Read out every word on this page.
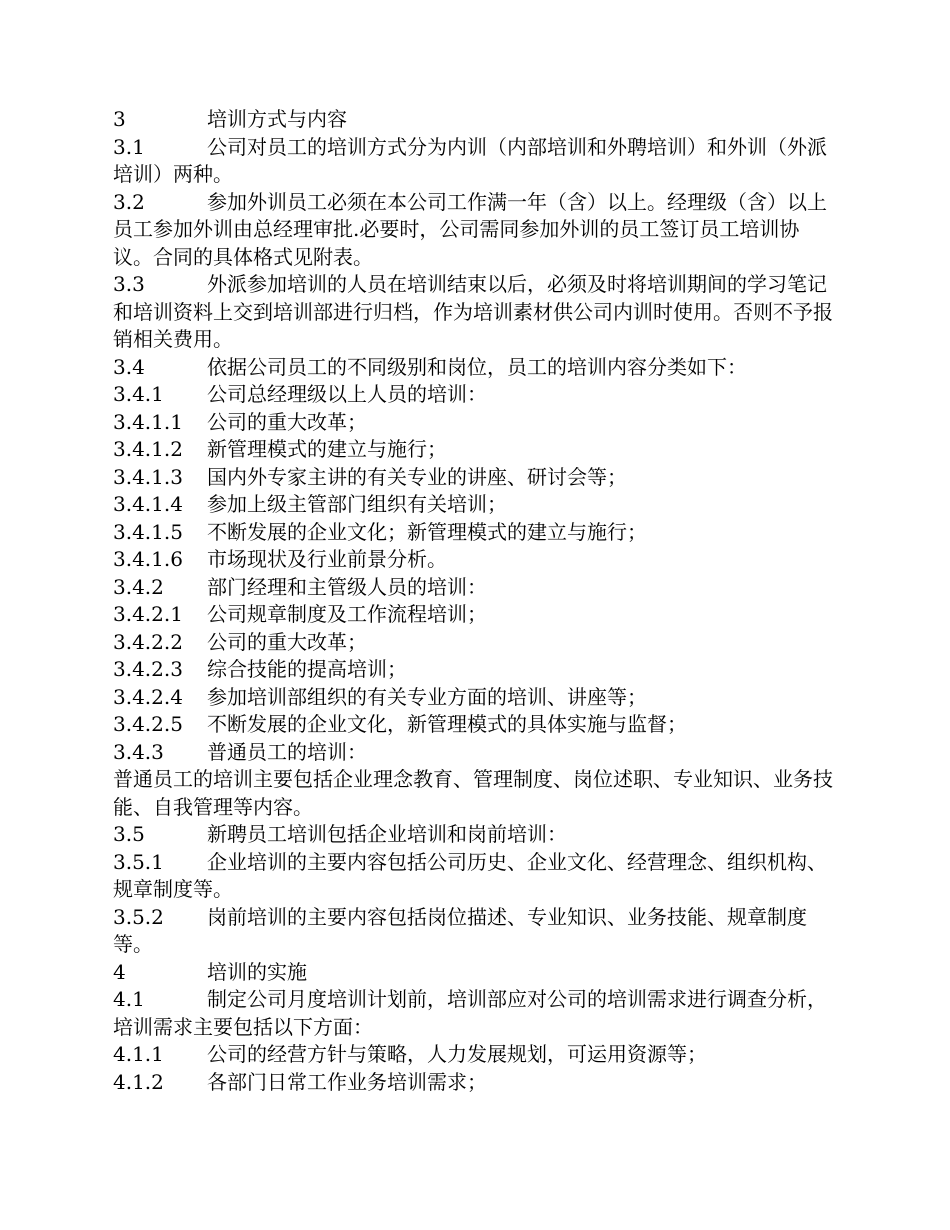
3	培训方式与内容

3.1	公司对员工的培训方式分为内训（内部培训和外聘培训）和外训（外派培训）两种。

3.2	参加外训员工必须在本公司工作满一年（含）以上。经理级（含）以上员工参加外训由总经理审批.必要时，公司需同参加外训的员工签订员工培训协议。合同的具体格式见附表。

3.3	外派参加培训的人员在培训结束以后，必须及时将培训期间的学习笔记和培训资料上交到培训部进行归档，作为培训素材供公司内训时使用。否则不予报销相关费用。

3.4	依据公司员工的不同级别和岗位，员工的培训内容分类如下：

3.4.1 公司总经理级以上人员的培训：

3.4.1.1 公司的重大改革；

3.4.1.2 新管理模式的建立与施行；

3.4.1.3 国内外专家主讲的有关专业的讲座、研讨会等；

3.4.1.4 参加上级主管部门组织有关培训；

3.4.1.5 不断发展的企业文化；新管理模式的建立与施行；

3.4.1.6 市场现状及行业前景分析。

3.4.2 部门经理和主管级人员的培训：

3.4.2.1 公司规章制度及工作流程培训；

3.4.2.2 公司的重大改革；

3.4.2.3 综合技能的提高培训；

3.4.2.4 参加培训部组织的有关专业方面的培训、讲座等；

3.4.2.5 不断发展的企业文化，新管理模式的具体实施与监督；

3.4.3 普通员工的培训：

普通员工的培训主要包括企业理念教育、管理制度、岗位述职、专业知识、业务技能、自我管理等内容。

3.5	新聘员工培训包括企业培训和岗前培训：

3.5.1 企业培训的主要内容包括公司历史、企业文化、经营理念、组织机构、规章制度等。

3.5.2 岗前培训的主要内容包括岗位描述、专业知识、业务技能、规章制度等。

4	培训的实施

4.1	制定公司月度培训计划前，培训部应对公司的培训需求进行调查分析，培训需求主要包括以下方面：

4.1.1 公司的经营方针与策略，人力发展规划，可运用资源等；

4.1.2 各部门日常工作业务培训需求；
